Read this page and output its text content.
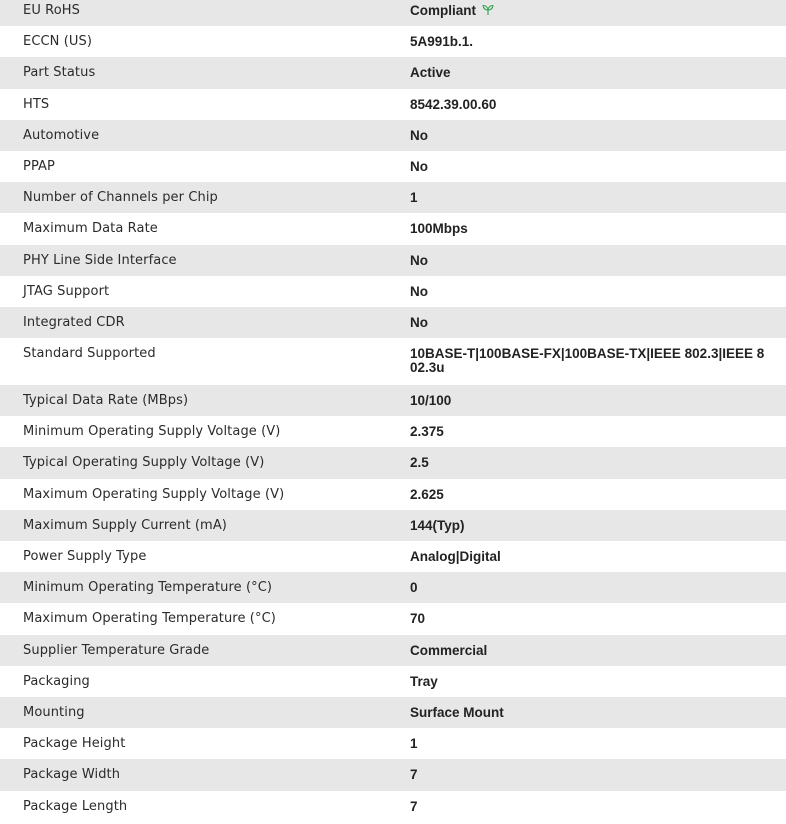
EU RoHS	Compliant
ECCN (US)	5A991b.1.
Part Status	Active
HTS	8542.39.00.60
Automotive	No
PPAP	No
Number of Channels per Chip	1
Maximum Data Rate	100Mbps
PHY Line Side Interface	No
JTAG Support	No
Integrated CDR	No
Standard Supported	10BASE-T|100BASE-FX|100BASE-TX|IEEE 802.3|IEEE 802.3u
Typical Data Rate (MBps)	10/100
Minimum Operating Supply Voltage (V)	2.375
Typical Operating Supply Voltage (V)	2.5
Maximum Operating Supply Voltage (V)	2.625
Maximum Supply Current (mA)	144(Typ)
Power Supply Type	Analog|Digital
Minimum Operating Temperature (°C)	0
Maximum Operating Temperature (°C)	70
Supplier Temperature Grade	Commercial
Packaging	Tray
Mounting	Surface Mount
Package Height	1
Package Width	7
Package Length	7
